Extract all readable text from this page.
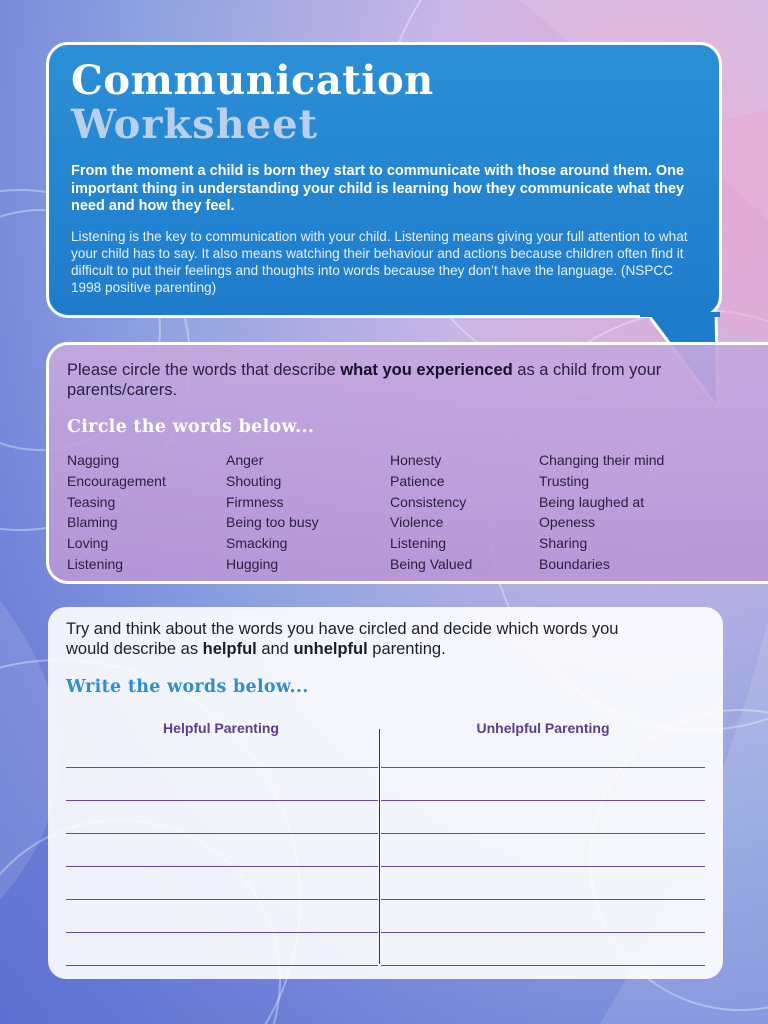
Communication
Worksheet

From the moment a child is born they start to communicate with those around them. One important thing in understanding your child is learning how they communicate what they need and how they feel.

Listening is the key to communication with your child. Listening means giving your full attention to what your child has to say. It also means watching their behaviour and actions because children often find it difficult to put their feelings and thoughts into words because they don’t have the language. (NSPCC 1998 positive parenting)

Please circle the words that describe what you experienced as a child from your parents/carers.

Circle the words below...
Nagging
Encouragement
Teasing
Blaming
Loving
Listening
Anger
Shouting
Firmness
Being too busy
Smacking
Hugging
Honesty
Patience
Consistency
Violence
Listening
Being Valued
Changing their mind
Trusting
Being laughed at
Openess
Sharing
Boundaries

Try and think about the words you have circled and decide which words you would describe as helpful and unhelpful parenting.

Write the words below...

Helpful Parenting	Unhelpful Parenting
